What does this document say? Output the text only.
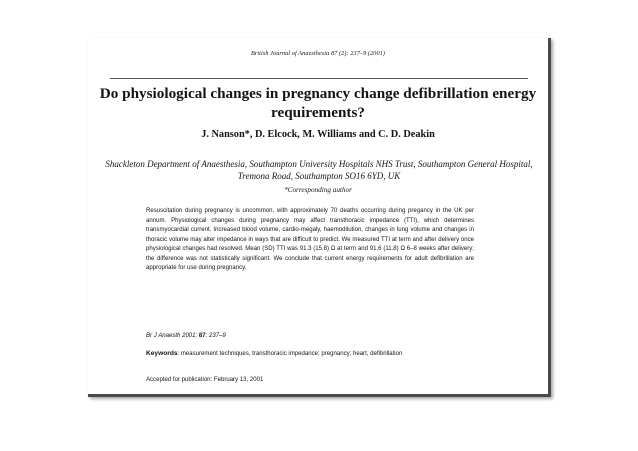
British Journal of Anaesthesia 87 (2): 237–9 (2001)
Do physiological changes in pregnancy change defibrillation energy requirements?
J. Nanson*, D. Elcock, M. Williams and C. D. Deakin
Shackleton Department of Anaesthesia, Southampton University Hospitals NHS Trust, Southampton General Hospital, Tremona Road, Southampton SO16 6YD, UK
*Corresponding author

Resuscitation during pregnancy is uncommon, with approximately 70 deaths occurring during pregancy in the UK per annum. Physiological changes during pregnancy may affect transthoracic impedance (TTI), which determines transmyocardial current. Increased blood volume, cardio-megaly, haemodilution, changes in lung volume and changes in thoracic volume may alter impedance in ways that are difficult to predict. We measured TTI at term and after delivery once physiological changes had resolved. Mean (SD) TTI was 91.3 (15.8) Ω at term and 91.6 (11.8) Ω 6–8 weeks after delivery; the difference was not statistically significant. We conclude that current energy requirements for adult defibrillation are appropriate for use during pregnancy.

Br J Anaesth 2001; 87: 237–9
Keywords: measurement techniques, transthoracic impedance; pregnancy; heart, defibrillation
Accepted for publication: February 13, 2001
